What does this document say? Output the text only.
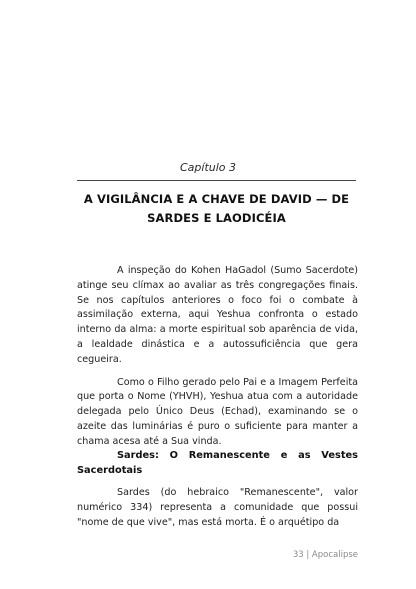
Capítulo 3
A VIGILÂNCIA E A CHAVE DE DAVID — DE SARDES E LAODICÉIA

A inspeção do Kohen HaGadol (Sumo Sacerdote) atinge seu clímax ao avaliar as três congregações finais. Se nos capítulos anteriores o foco foi o combate à assimilação externa, aqui Yeshua confronta o estado interno da alma: a morte espiritual sob aparência de vida, a lealdade dinástica e a autossuficiência que gera cegueira.

Como o Filho gerado pelo Pai e a Imagem Perfeita que porta o Nome (YHVH), Yeshua atua com a autoridade delegada pelo Único Deus (Echad), examinando se o azeite das luminárias é puro o suficiente para manter a chama acesa até a Sua vinda.

Sardes: O Remanescente e as Vestes Sacerdotais

Sardes (do hebraico "Remanescente", valor numérico 334) representa a comunidade que possui "nome de que vive", mas está morta. É o arquétipo da

33 | Apocalipse
